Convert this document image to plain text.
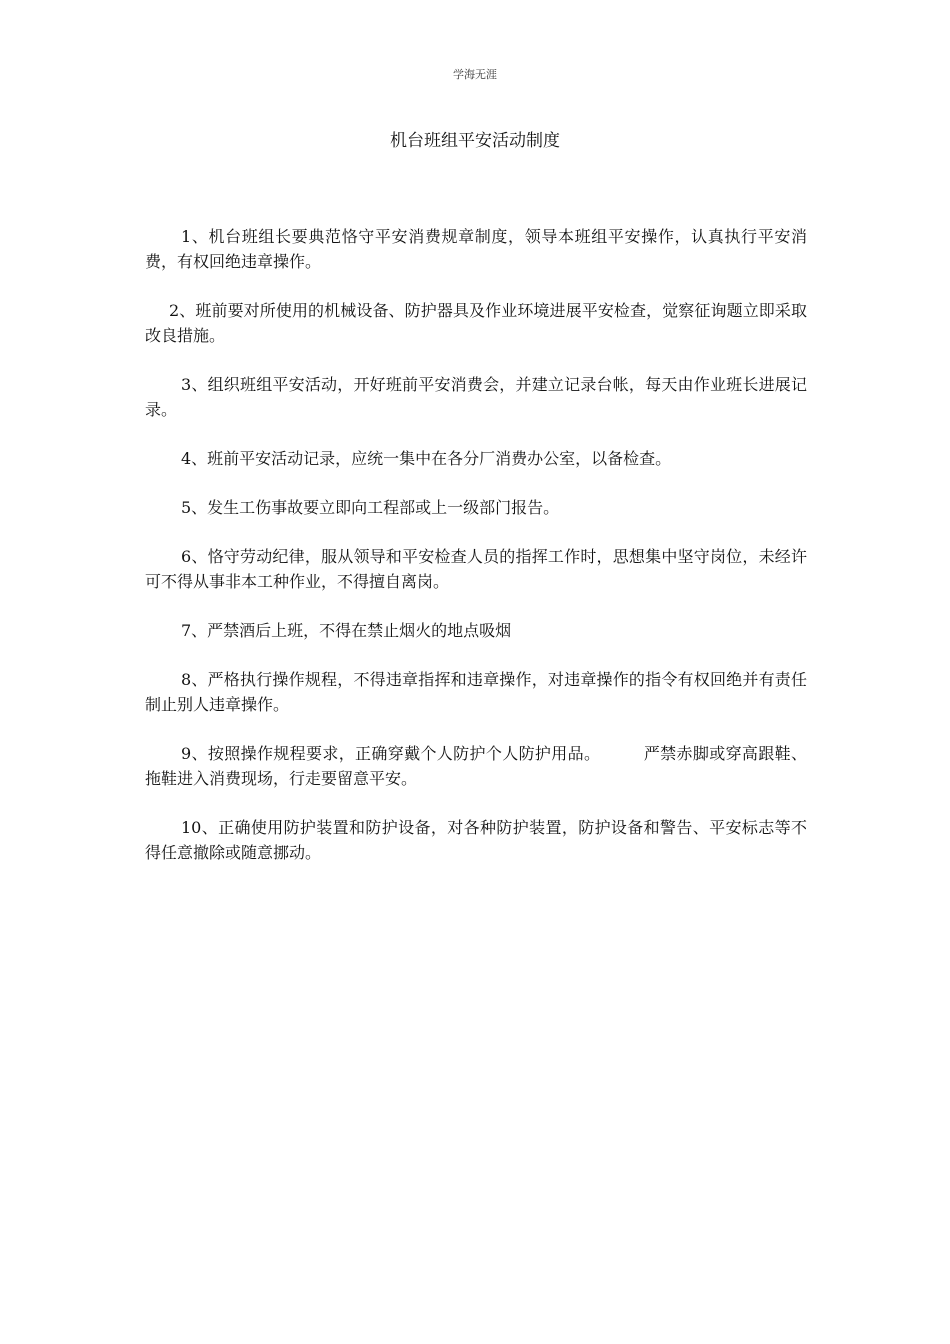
学海无涯
机台班组平安活动制度

1、机台班组长要典范恪守平安消费规章制度，领导本班组平安操作，认真执行平安消费，有权回绝违章操作。

2、班前要对所使用的机械设备、防护器具及作业环境进展平安检查，觉察征询题立即采取改良措施。

3、组织班组平安活动，开好班前平安消费会，并建立记录台帐，每天由作业班长进展记录。

4、班前平安活动记录，应统一集中在各分厂消费办公室，以备检查。

5、发生工伤事故要立即向工程部或上一级部门报告。

6、恪守劳动纪律，服从领导和平安检查人员的指挥工作时，思想集中坚守岗位，未经许可不得从事非本工种作业，不得擅自离岗。

7、严禁酒后上班，不得在禁止烟火的地点吸烟

8、严格执行操作规程，不得违章指挥和违章操作，对违章操作的指令有权回绝并有责任制止别人违章操作。

9、按照操作规程要求，正确穿戴个人防护个人防护用品。        严禁赤脚或穿高跟鞋、拖鞋进入消费现场，行走要留意平安。

10、正确使用防护装置和防护设备，对各种防护装置，防护设备和警告、平安标志等不得任意撤除或随意挪动。
